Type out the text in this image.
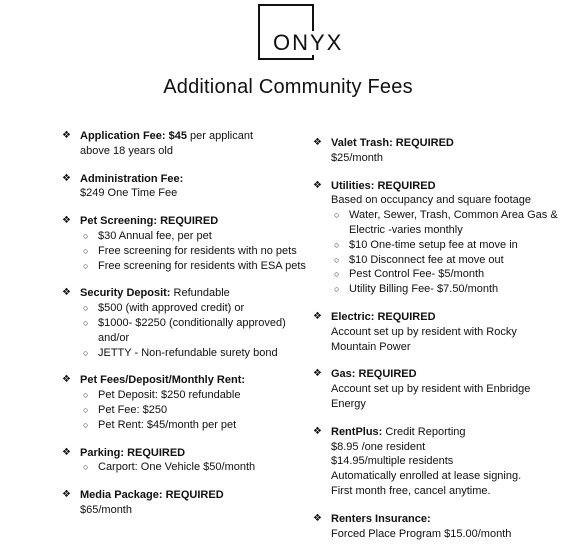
ONYX
Additional Community Fees
❖ Application Fee: $45 per applicant
above 18 years old
❖ Administration Fee:
$249 One Time Fee
❖ Pet Screening: REQUIRED
○ $30 Annual fee, per pet
○ Free screening for residents with no pets
○ Free screening for residents with ESA pets
❖ Security Deposit: Refundable
○ $500 (with approved credit) or
○ $1000- $2250 (conditionally approved) and/or
○ JETTY - Non-refundable surety bond
❖ Pet Fees/Deposit/Monthly Rent:
○ Pet Deposit: $250 refundable
○ Pet Fee: $250
○ Pet Rent: $45/month per pet
❖ Parking: REQUIRED
○ Carport: One Vehicle $50/month
❖ Media Package: REQUIRED
$65/month
❖ Valet Trash: REQUIRED
$25/month
❖ Utilities: REQUIRED
Based on occupancy and square footage
○ Water, Sewer, Trash, Common Area Gas & Electric -varies monthly
○ $10 One-time setup fee at move in
○ $10 Disconnect fee at move out
○ Pest Control Fee- $5/month
○ Utility Billing Fee- $7.50/month
❖ Electric: REQUIRED
Account set up by resident with Rocky Mountain Power
❖ Gas: REQUIRED
Account set up by resident with Enbridge Energy
❖ RentPlus: Credit Reporting
$8.95 /one resident
$14.95/multiple residents
Automatically enrolled at lease signing.
First month free, cancel anytime.
❖ Renters Insurance:
Forced Place Program $15.00/month
